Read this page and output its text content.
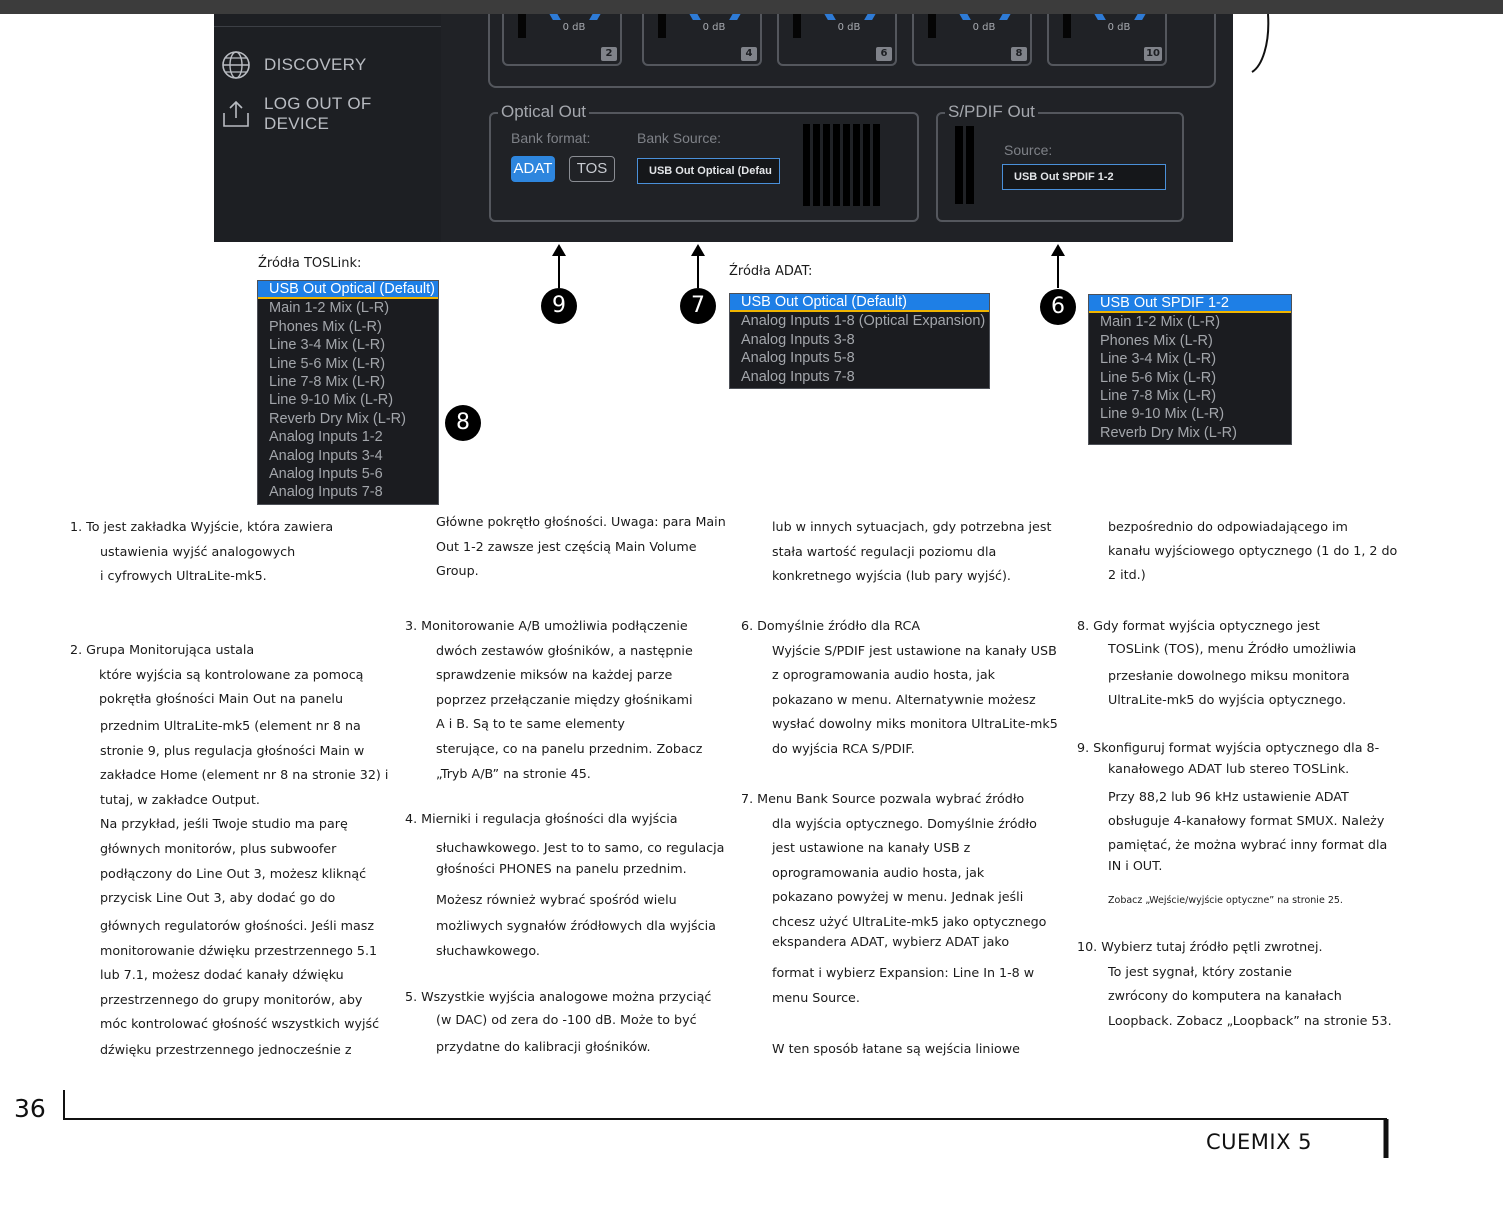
DISCOVERY
LOG OUT OF DEVICE
0 dB
2
0 dB
4
0 dB
6
0 dB
8
0 dB
10
Optical Out
Bank format:	Bank Source:
ADAT	TOS	USB Out Optical (Defau
S/PDIF Out
Source:
USB Out SPDIF 1-2
Źródła TOSLink:
Źródła ADAT:
USB Out Optical (Default)
Main 1-2 Mix (L-R)
Phones Mix (L-R)
Line 3-4 Mix (L-R)
Line 5-6 Mix (L-R)
Line 7-8 Mix (L-R)
Line 9-10 Mix (L-R)
Reverb Dry Mix (L-R)
Analog Inputs 1-2
Analog Inputs 3-4
Analog Inputs 5-6
Analog Inputs 7-8
USB Out Optical (Default)
Analog Inputs 1-8 (Optical Expansion)
Analog Inputs 3-8
Analog Inputs 5-8
Analog Inputs 7-8
USB Out SPDIF 1-2
Main 1-2 Mix (L-R)
Phones Mix (L-R)
Line 3-4 Mix (L-R)
Line 5-6 Mix (L-R)
Line 7-8 Mix (L-R)
Line 9-10 Mix (L-R)
Reverb Dry Mix (L-R)
9	7	6
8
1. To jest zakładka Wyjście, która zawiera
ustawienia wyjść analogowych
i cyfrowych UltraLite-mk5.
2. Grupa Monitorująca ustala
które wyjścia są kontrolowane za pomocą
pokrętła głośności Main Out na panelu
przednim UltraLite-mk5 (element nr 8 na
stronie 9, plus regulacja głośności Main w
zakładce Home (element nr 8 na stronie 32) i
tutaj, w zakładce Output.
Na przykład, jeśli Twoje studio ma parę
głównych monitorów, plus subwoofer
podłączony do Line Out 3, możesz kliknąć
przycisk Line Out 3, aby dodać go do
głównych regulatorów głośności. Jeśli masz
monitorowanie dźwięku przestrzennego 5.1
lub 7.1, możesz dodać kanały dźwięku
przestrzennego do grupy monitorów, aby
móc kontrolować głośność wszystkich wyjść
dźwięku przestrzennego jednocześnie z
Główne pokrętło głośności. Uwaga: para Main
Out 1-2 zawsze jest częścią Main Volume
Group.
3. Monitorowanie A/B umożliwia podłączenie
dwóch zestawów głośników, a następnie
sprawdzenie miksów na każdej parze
poprzez przełączanie między głośnikami
A i B. Są to te same elementy
sterujące, co na panelu przednim. Zobacz
„Tryb A/B” na stronie 45.
4. Mierniki i regulacja głośności dla wyjścia
słuchawkowego. Jest to to samo, co regulacja
głośności PHONES na panelu przednim.
Możesz również wybrać spośród wielu
możliwych sygnałów źródłowych dla wyjścia
słuchawkowego.
5. Wszystkie wyjścia analogowe można przyciąć
(w DAC) od zera do -100 dB. Może to być
przydatne do kalibracji głośników.
lub w innych sytuacjach, gdy potrzebna jest
stała wartość regulacji poziomu dla
konkretnego wyjścia (lub pary wyjść).
6. Domyślnie źródło dla RCA
Wyjście S/PDIF jest ustawione na kanały USB
z oprogramowania audio hosta, jak
pokazano w menu. Alternatywnie możesz
wysłać dowolny miks monitora UltraLite-mk5
do wyjścia RCA S/PDIF.
7. Menu Bank Source pozwala wybrać źródło
dla wyjścia optycznego. Domyślnie źródło
jest ustawione na kanały USB z
oprogramowania audio hosta, jak
pokazano powyżej w menu. Jednak jeśli
chcesz użyć UltraLite-mk5 jako optycznego
ekspandera ADAT, wybierz ADAT jako
format i wybierz Expansion: Line In 1-8 w
menu Source.
W ten sposób łatane są wejścia liniowe
bezpośrednio do odpowiadającego im
kanału wyjściowego optycznego (1 do 1, 2 do
2 itd.)
8. Gdy format wyjścia optycznego jest
TOSLink (TOS), menu Źródło umożliwia
przesłanie dowolnego miksu monitora
UltraLite-mk5 do wyjścia optycznego.
9. Skonfiguruj format wyjścia optycznego dla 8-
kanałowego ADAT lub stereo TOSLink.
Przy 88,2 lub 96 kHz ustawienie ADAT
obsługuje 4-kanałowy format SMUX. Należy
pamiętać, że można wybrać inny format dla
IN i OUT.
Zobacz „Wejście/wyjście optyczne” na stronie 25.
10. Wybierz tutaj źródło pętli zwrotnej.
To jest sygnał, który zostanie
zwrócony do komputera na kanałach
Loopback. Zobacz „Loopback” na stronie 53.
36
CUEMIX 5
